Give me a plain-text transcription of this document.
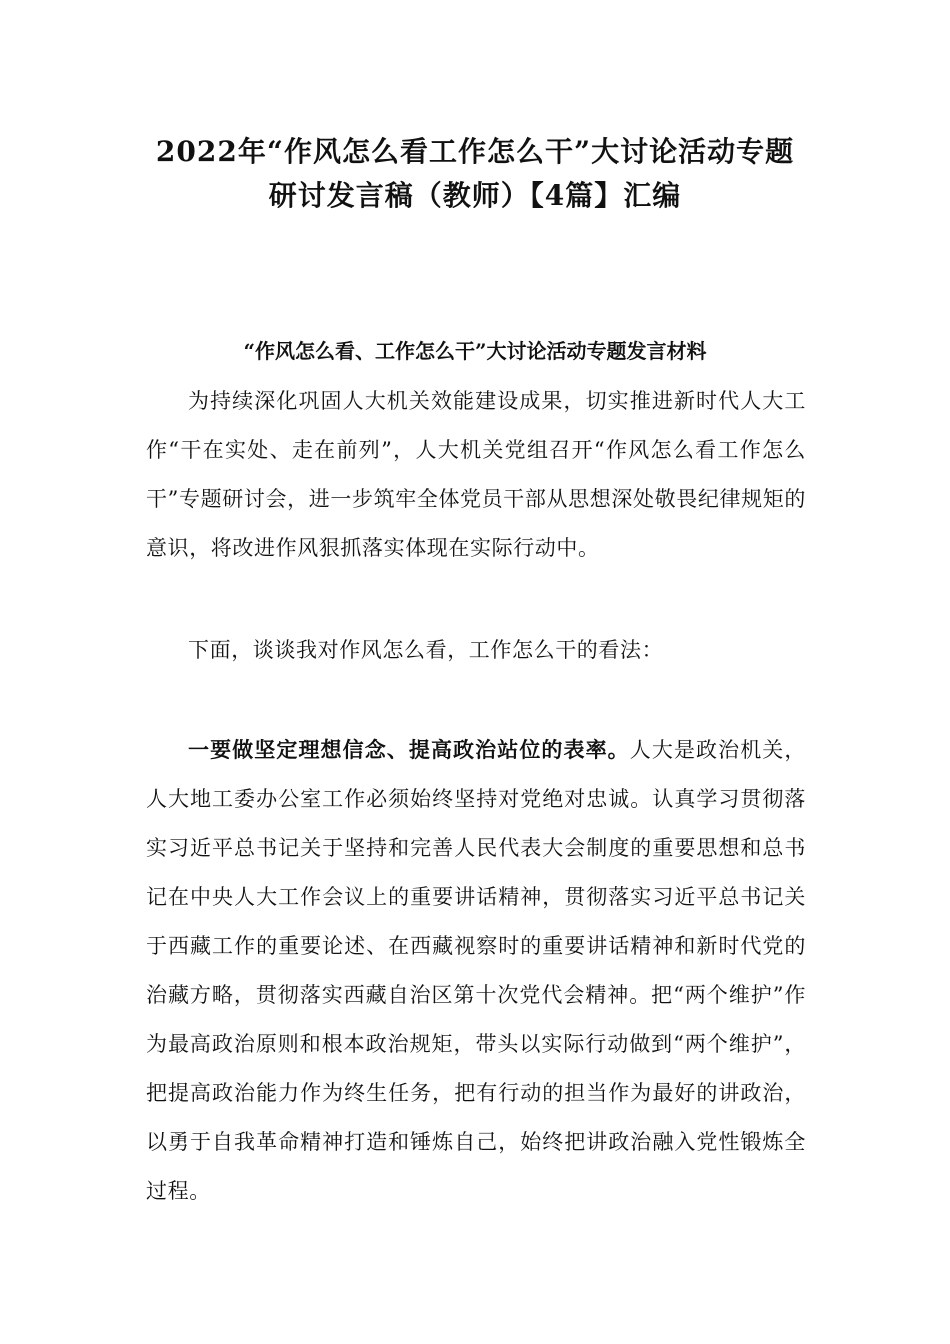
2022年“作风怎么看工作怎么干”大讨论活动专题
研讨发言稿（教师）【4篇】汇编
“作风怎么看、工作怎么干”大讨论活动专题发言材料

为持续深化巩固人大机关效能建设成果，切实推进新时代人大工作“干在实处、走在前列”，人大机关党组召开“作风怎么看工作怎么干”专题研讨会，进一步筑牢全体党员干部从思想深处敬畏纪律规矩的意识，将改进作风狠抓落实体现在实际行动中。

下面，谈谈我对作风怎么看，工作怎么干的看法：

一要做坚定理想信念、提高政治站位的表率。人大是政治机关，人大地工委办公室工作必须始终坚持对党绝对忠诚。认真学习贯彻落实习近平总书记关于坚持和完善人民代表大会制度的重要思想和总书记在中央人大工作会议上的重要讲话精神，贯彻落实习近平总书记关于西藏工作的重要论述、在西藏视察时的重要讲话精神和新时代党的治藏方略，贯彻落实西藏自治区第十次党代会精神。把“两个维护”作为最高政治原则和根本政治规矩，带头以实际行动做到“两个维护”，把提高政治能力作为终生任务，把有行动的担当作为最好的讲政治，以勇于自我革命精神打造和锤炼自己，始终把讲政治融入党性锻炼全过程。
